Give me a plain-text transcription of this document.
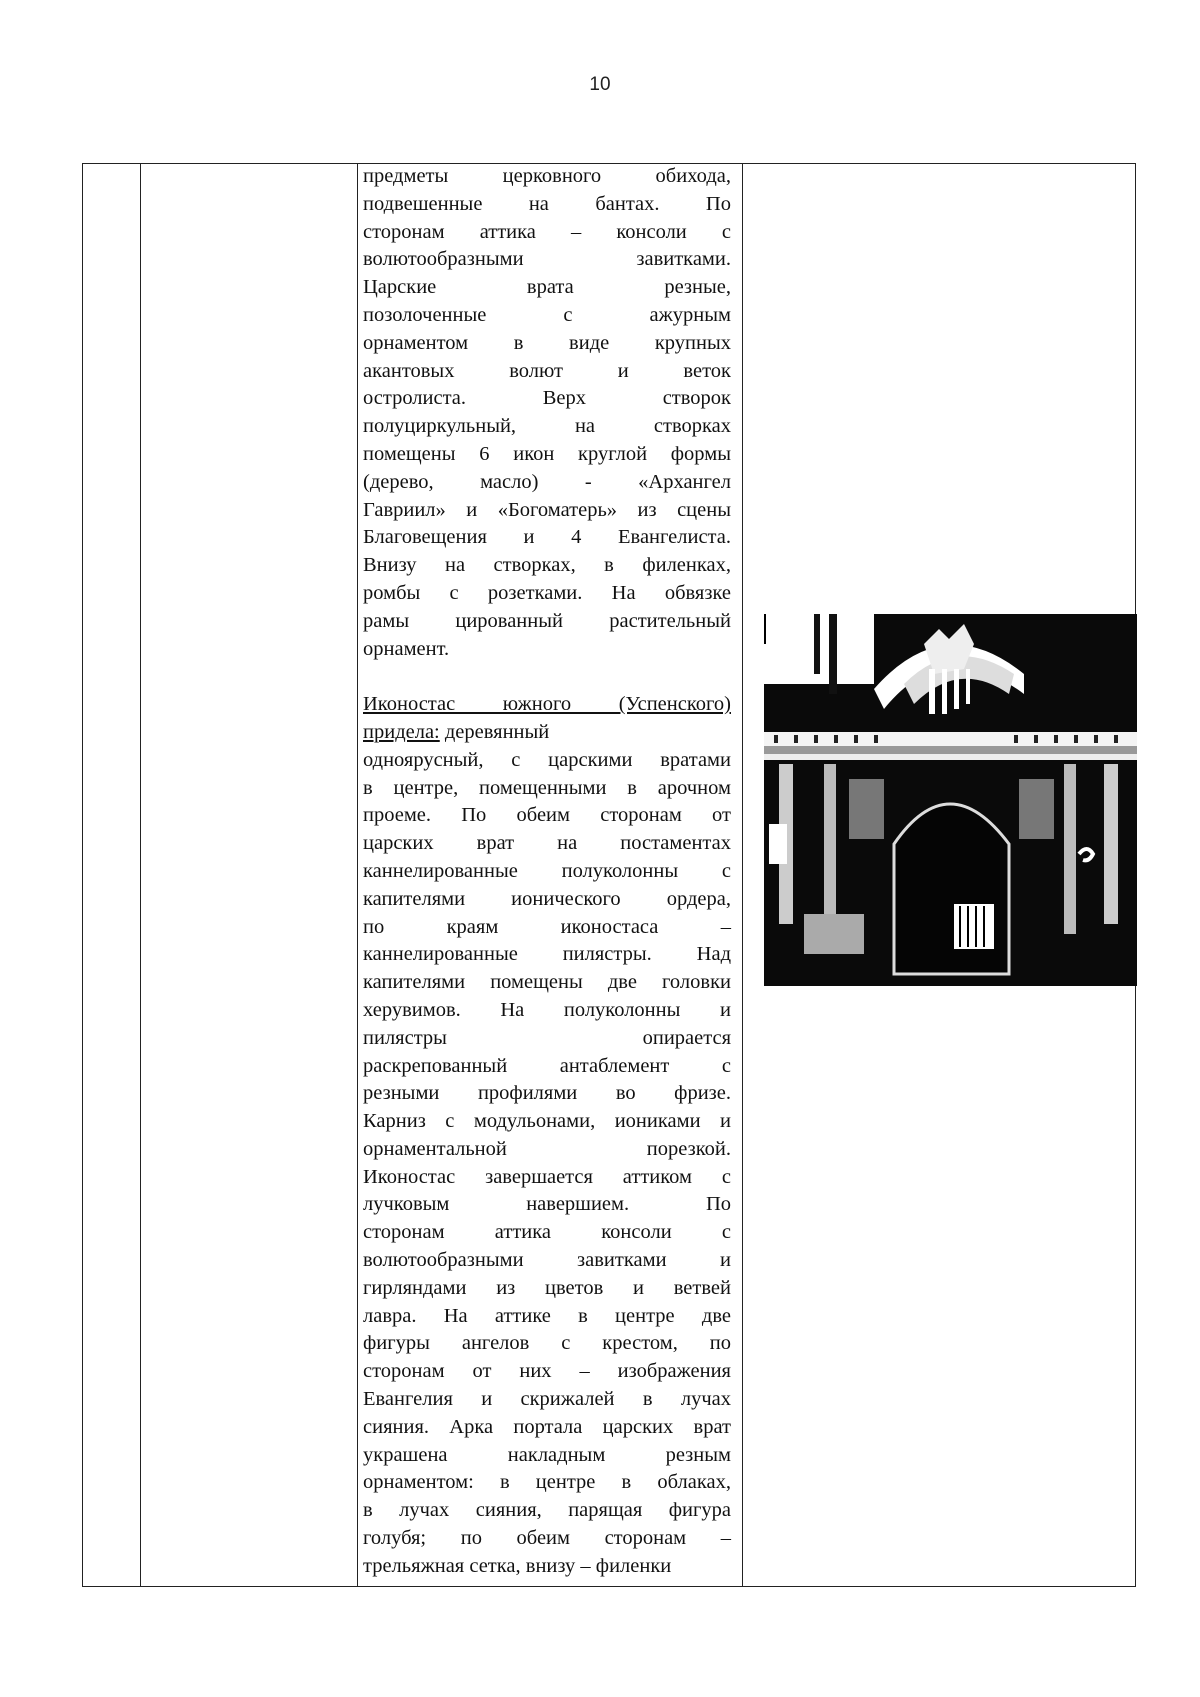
10
предметы церковного обихода,
подвешенные на бантах. По
сторонам аттика – консоли с
волютообразными завитками.
Царские врата резные,
позолоченные с ажурным
орнаментом в виде крупных
акантовых волют и веток
остролиста. Верх створок
полуциркульный, на створках
помещены 6 икон круглой формы
(дерево, масло) - «Архангел
Гавриил» и «Богоматерь» из сцены
Благовещения и 4 Евангелиста.
Внизу на створках, в филенках,
ромбы с розетками. На обвязке
рамы цированный растительный
орнамент.
Иконостас южного (Успенского)
придела: деревянный
одноярусный, с царскими вратами
в центре, помещенными в арочном
проеме. По обеим сторонам от
царских врат на постаментах
каннелированные полуколонны с
капителями ионического ордера,
по краям иконостаса –
каннелированные пилястры. Над
капителями помещены две головки
херувимов. На полуколонны и
пилястры опирается
раскрепованный антаблемент с
резными профилями во фризе.
Карниз с модульонами, иониками и
орнаментальной порезкой.
Иконостас завершается аттиком с
лучковым навершием. По
сторонам аттика консоли с
волютообразными завитками и
гирляндами из цветов и ветвей
лавра. На аттике в центре две
фигуры ангелов с крестом, по
сторонам от них – изображения
Евангелия и скрижалей в лучах
сияния. Арка портала царских врат
украшена накладным резным
орнаментом: в центре в облаках,
в лучах сияния, парящая фигура
голубя; по обеим сторонам –
трельяжная сетка, внизу – филенки
